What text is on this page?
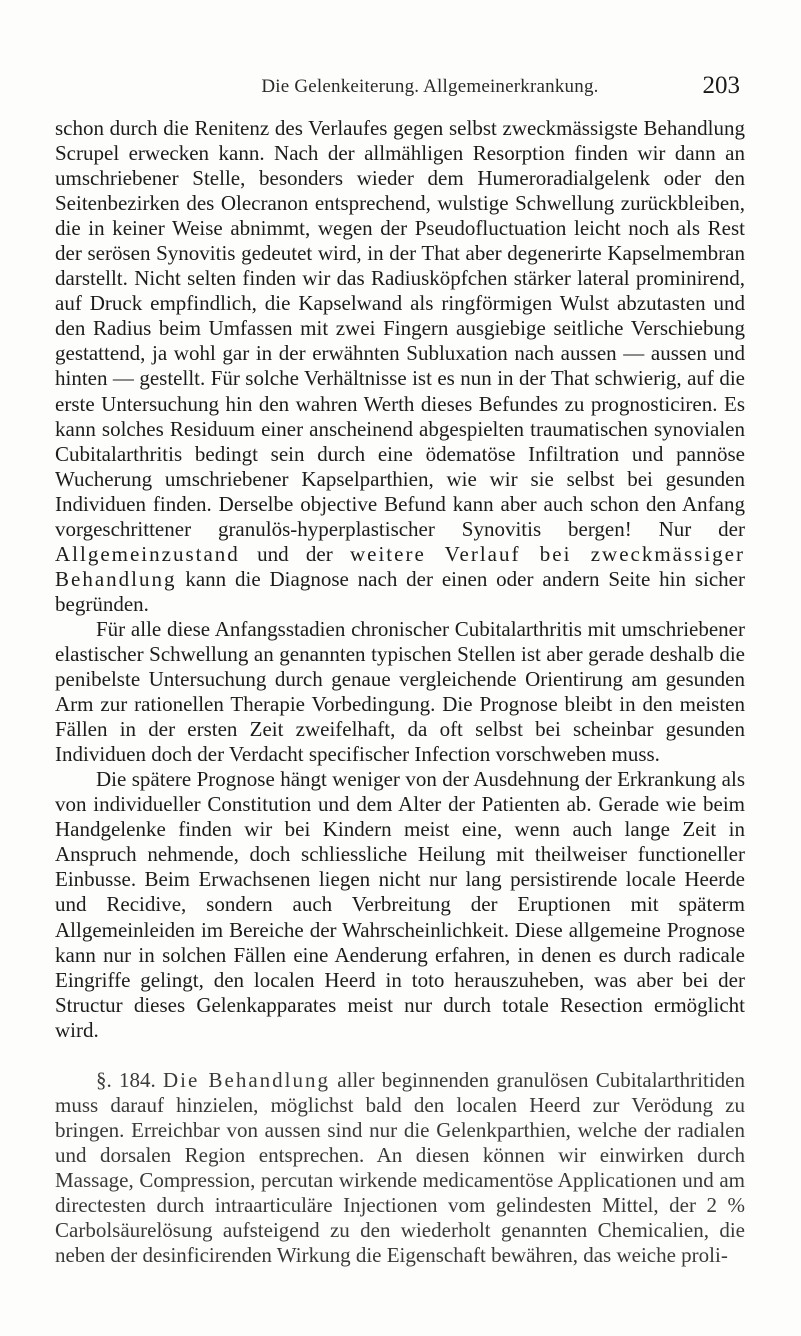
Die Gelenkeiterung. Allgemeinerkrankung.	203

schon durch die Renitenz des Verlaufes gegen selbst zweckmässigste Behandlung Scrupel erwecken kann. Nach der allmähligen Resorption finden wir dann an umschriebener Stelle, besonders wieder dem Humeroradialgelenk oder den Seitenbezirken des Olecranon entsprechend, wulstige Schwellung zurückbleiben, die in keiner Weise abnimmt, wegen der Pseudofluctuation leicht noch als Rest der serösen Synovitis gedeutet wird, in der That aber degenerirte Kapselmembran darstellt. Nicht selten finden wir das Radiusköpfchen stärker lateral prominirend, auf Druck empfindlich, die Kapselwand als ringförmigen Wulst abzutasten und den Radius beim Umfassen mit zwei Fingern ausgiebige seitliche Verschiebung gestattend, ja wohl gar in der erwähnten Subluxation nach aussen — aussen und hinten — gestellt. Für solche Verhältnisse ist es nun in der That schwierig, auf die erste Untersuchung hin den wahren Werth dieses Befundes zu prognosticiren. Es kann solches Residuum einer anscheinend abgespielten traumatischen synovialen Cubitalarthritis bedingt sein durch eine ödematöse Infiltration und pannöse Wucherung umschriebener Kapselparthien, wie wir sie selbst bei gesunden Individuen finden. Derselbe objective Befund kann aber auch schon den Anfang vorgeschrittener granulös-hyperplastischer Synovitis bergen! Nur der Allgemeinzustand und der weitere Verlauf bei zweckmässiger Behandlung kann die Diagnose nach der einen oder andern Seite hin sicher begründen.

Für alle diese Anfangsstadien chronischer Cubitalarthritis mit umschriebener elastischer Schwellung an genannten typischen Stellen ist aber gerade deshalb die penibelste Untersuchung durch genaue vergleichende Orientirung am gesunden Arm zur rationellen Therapie Vorbedingung. Die Prognose bleibt in den meisten Fällen in der ersten Zeit zweifelhaft, da oft selbst bei scheinbar gesunden Individuen doch der Verdacht specifischer Infection vorschweben muss.

Die spätere Prognose hängt weniger von der Ausdehnung der Erkrankung als von individueller Constitution und dem Alter der Patienten ab. Gerade wie beim Handgelenke finden wir bei Kindern meist eine, wenn auch lange Zeit in Anspruch nehmende, doch schliessliche Heilung mit theilweiser functioneller Einbusse. Beim Erwachsenen liegen nicht nur lang persistirende locale Heerde und Recidive, sondern auch Verbreitung der Eruptionen mit späterm Allgemeinleiden im Bereiche der Wahrscheinlichkeit. Diese allgemeine Prognose kann nur in solchen Fällen eine Aenderung erfahren, in denen es durch radicale Eingriffe gelingt, den localen Heerd in toto herauszuheben, was aber bei der Structur dieses Gelenkapparates meist nur durch totale Resection ermöglicht wird.

§. 184. Die Behandlung aller beginnenden granulösen Cubitalarthritiden muss darauf hinzielen, möglichst bald den localen Heerd zur Verödung zu bringen. Erreichbar von aussen sind nur die Gelenkparthien, welche der radialen und dorsalen Region entsprechen. An diesen können wir einwirken durch Massage, Compression, percutan wirkende medicamentöse Applicationen und am directesten durch intraarticuläre Injectionen vom gelindesten Mittel, der 2 % Carbolsäurelösung aufsteigend zu den wiederholt genannten Chemicalien, die neben der desinficirenden Wirkung die Eigenschaft bewähren, das weiche proli-
